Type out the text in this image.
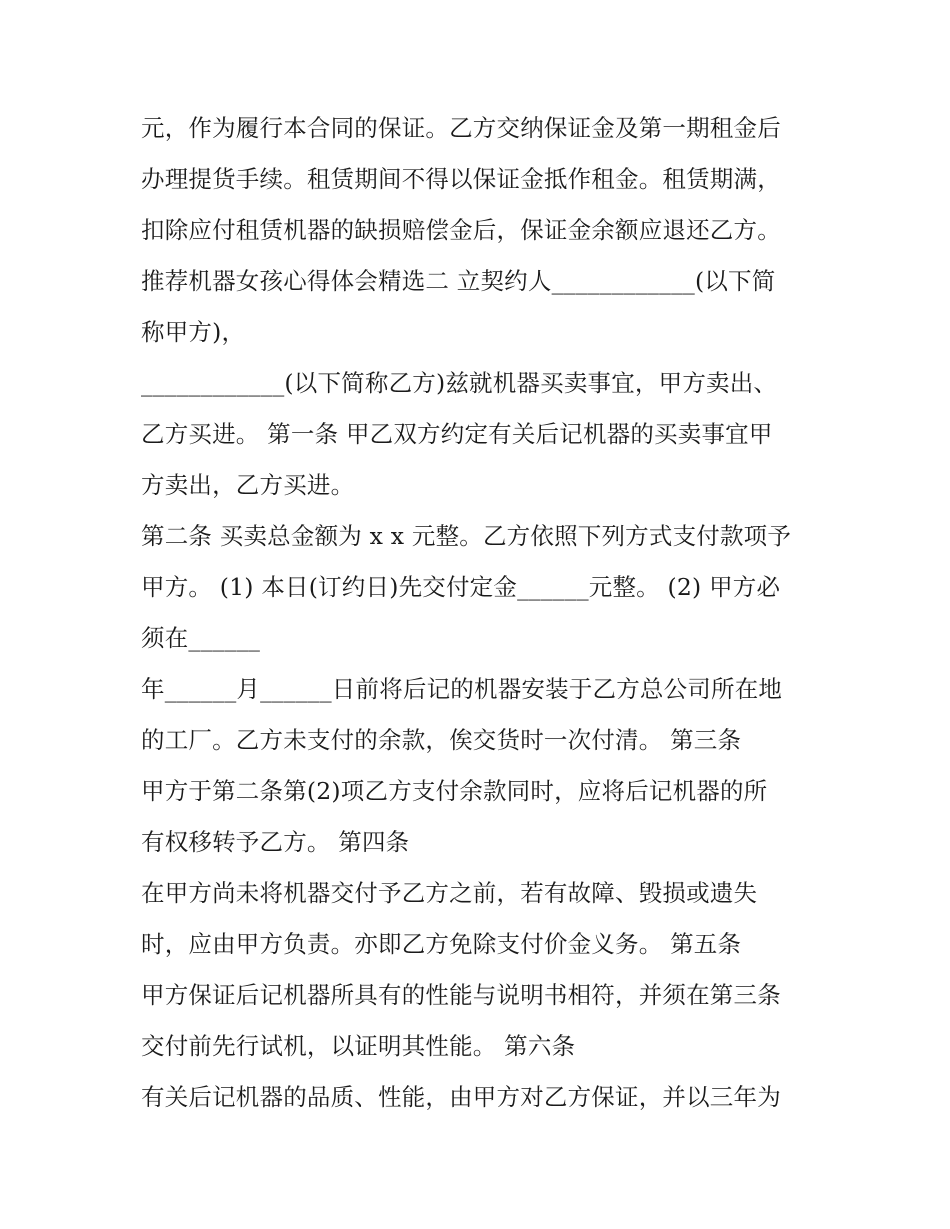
元，作为履行本合同的保证。乙方交纳保证金及第一期租金后
办理提货手续。租赁期间不得以保证金抵作租金。租赁期满，
扣除应付租赁机器的缺损赔偿金后，保证金余额应退还乙方。
推荐机器女孩心得体会精选二 立契约人____________(以下简
称甲方)，
____________(以下简称乙方)兹就机器买卖事宜，甲方卖出、
乙方买进。 第一条 甲乙双方约定有关后记机器的买卖事宜甲
方卖出，乙方买进。
第二条 买卖总金额为 x x 元整。乙方依照下列方式支付款项予
甲方。 (1) 本日(订约日)先交付定金______元整。 (2) 甲方必
须在______
年______月______日前将后记的机器安装于乙方总公司所在地
的工厂。乙方未支付的余款，俟交货时一次付清。 第三条
甲方于第二条第(2)项乙方支付余款同时，应将后记机器的所
有权移转予乙方。 第四条
在甲方尚未将机器交付予乙方之前，若有故障、毁损或遗失
时，应由甲方负责。亦即乙方免除支付价金义务。 第五条
甲方保证后记机器所具有的性能与说明书相符，并须在第三条
交付前先行试机，以证明其性能。 第六条
有关后记机器的品质、性能，由甲方对乙方保证，并以三年为
